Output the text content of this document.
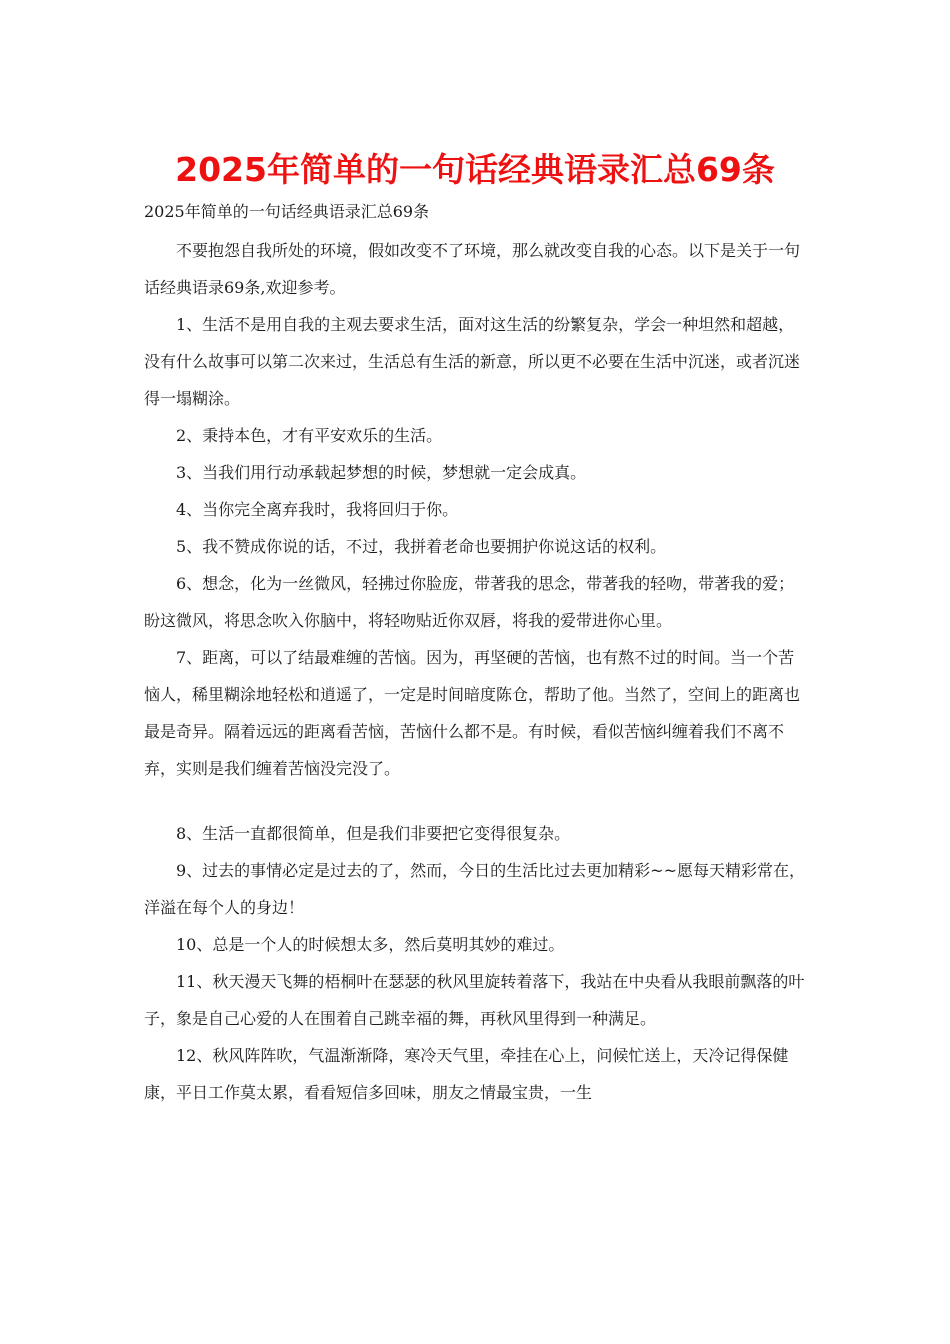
2025年简单的一句话经典语录汇总69条

2025年简单的一句话经典语录汇总69条

不要抱怨自我所处的环境，假如改变不了环境，那么就改变自我的心态。以下是关于一句话经典语录69条,欢迎参考。

1、生活不是用自我的主观去要求生活，面对这生活的纷繁复杂，学会一种坦然和超越，没有什么故事可以第二次来过，生活总有生活的新意，所以更不必要在生活中沉迷，或者沉迷得一塌糊涂。

2、秉持本色，才有平安欢乐的生活。

3、当我们用行动承载起梦想的时候，梦想就一定会成真。

4、当你完全离弃我时，我将回归于你。

5、我不赞成你说的话，不过，我拼着老命也要拥护你说这话的权利。

6、想念，化为一丝微风，轻拂过你脸庞，带著我的思念，带著我的轻吻，带著我的爱；盼这微风，将思念吹入你脑中，将轻吻贴近你双唇，将我的爱带进你心里。

7、距离，可以了结最难缠的苦恼。因为，再坚硬的苦恼，也有熬不过的时间。当一个苦恼人，稀里糊涂地轻松和逍遥了，一定是时间暗度陈仓，帮助了他。当然了，空间上的距离也最是奇异。隔着远远的距离看苦恼，苦恼什么都不是。有时候，看似苦恼纠缠着我们不离不弃，实则是我们缠着苦恼没完没了。

8、生活一直都很简单，但是我们非要把它变得很复杂。

9、过去的事情必定是过去的了，然而，今日的生活比过去更加精彩~~愿每天精彩常在，洋溢在每个人的身边！

10、总是一个人的时候想太多，然后莫明其妙的难过。

11、秋天漫天飞舞的梧桐叶在瑟瑟的秋风里旋转着落下，我站在中央看从我眼前飘落的叶子，象是自己心爱的人在围着自己跳幸福的舞，再秋风里得到一种满足。

12、秋风阵阵吹，气温渐渐降，寒冷天气里，牵挂在心上，问候忙送上，天冷记得保健康，平日工作莫太累，看看短信多回味，朋友之情最宝贵，一生
